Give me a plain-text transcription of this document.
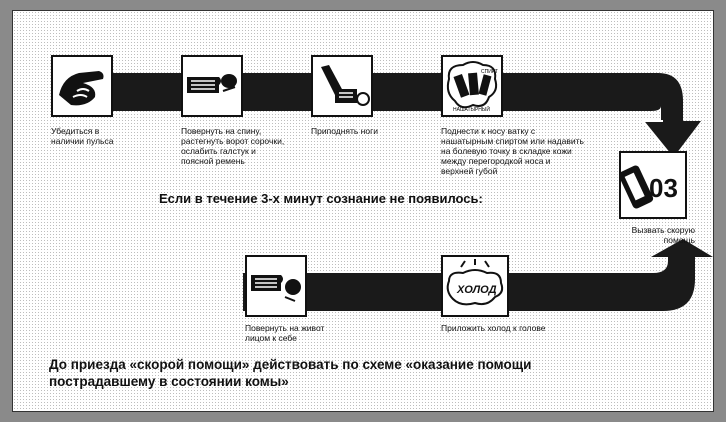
НАШАТЫРНЫЙ
СПИРТ
03
ХОЛОД
Убедиться в
наличии пульса
Повернуть на спину,
растегнуть ворот сорочки,
ослабить галстук и
поясной ремень
Приподнять ноги	Поднести к носу ватку с
нашатырным спиртом или надавить
на болевую точку в складке кожи
между перегородкой носа и
верхней губой
Вызвать скорую
помощь
Повернуть на живот
лицом к себе
Приложить холод к голове
Если в течение 3-х минут сознание не появилось:
До приезда «скорой помощи» действовать по схеме «оказание помощи
пострадавшему в состоянии комы»
